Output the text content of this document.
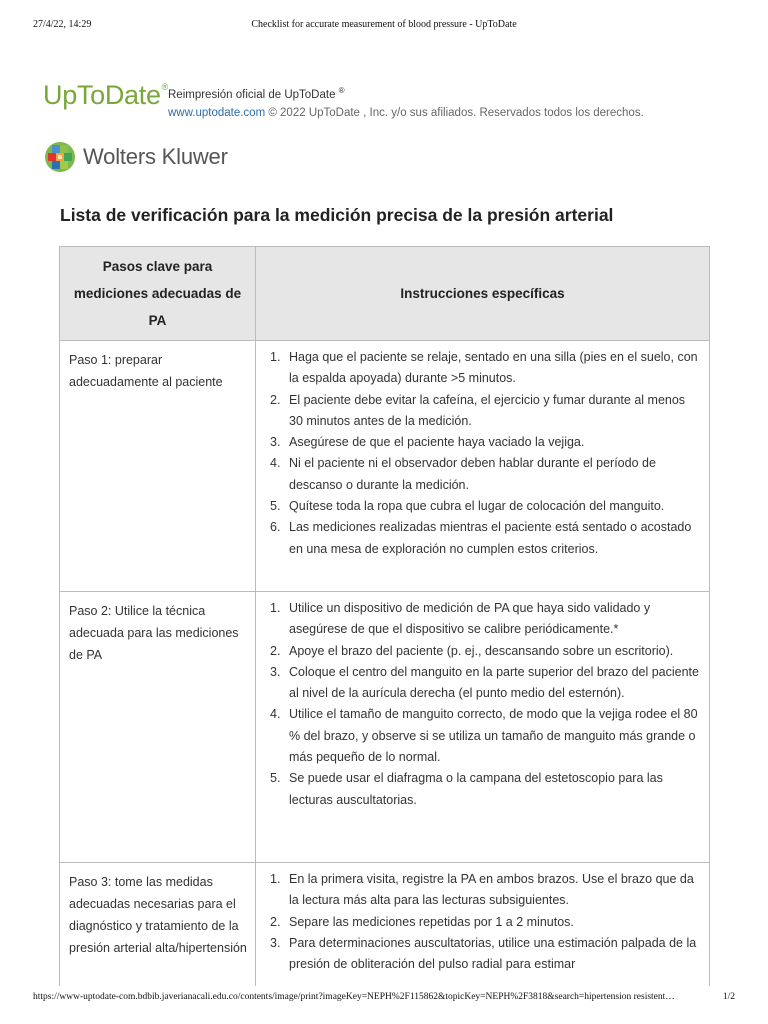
27/4/22, 14:29	Checklist for accurate measurement of blood pressure - UpToDate
UpToDate®
Reimpresión oficial de UpToDate ®
www.uptodate.com © 2022 UpToDate , Inc. y/o sus afiliados. Reservados todos los derechos.
Wolters Kluwer
Lista de verificación para la medición precisa de la presión arterial
Pasos clave para mediciones adecuadas de PA
Instrucciones específicas
Paso 1: preparar adecuadamente al paciente
1. Haga que el paciente se relaje, sentado en una silla (pies en el suelo, con la espalda apoyada) durante >5 minutos.
2. El paciente debe evitar la cafeína, el ejercicio y fumar durante al menos 30 minutos antes de la medición.
3. Asegúrese de que el paciente haya vaciado la vejiga.
4. Ni el paciente ni el observador deben hablar durante el período de descanso o durante la medición.
5. Quítese toda la ropa que cubra el lugar de colocación del manguito.
6. Las mediciones realizadas mientras el paciente está sentado o acostado en una mesa de exploración no cumplen estos criterios.
Paso 2: Utilice la técnica adecuada para las mediciones de PA
1. Utilice un dispositivo de medición de PA que haya sido validado y asegúrese de que el dispositivo se calibre periódicamente.*
2. Apoye el brazo del paciente (p. ej., descansando sobre un escritorio).
3. Coloque el centro del manguito en la parte superior del brazo del paciente al nivel de la aurícula derecha (el punto medio del esternón).
4. Utilice el tamaño de manguito correcto, de modo que la vejiga rodee el 80 % del brazo, y observe si se utiliza un tamaño de manguito más grande o más pequeño de lo normal.
5. Se puede usar el diafragma o la campana del estetoscopio para las lecturas auscultatorias.
Paso 3: tome las medidas adecuadas necesarias para el diagnóstico y tratamiento de la presión arterial alta/hipertensión
1. En la primera visita, registre la PA en ambos brazos. Use el brazo que da la lectura más alta para las lecturas subsiguientes.
2. Separe las mediciones repetidas por 1 a 2 minutos.
3. Para determinaciones auscultatorias, utilice una estimación palpada de la presión de obliteración del pulso radial para estimar
https://www-uptodate-com.bdbib.javerianacali.edu.co/contents/image/print?imageKey=NEPH%2F115862&topicKey=NEPH%2F3818&search=hipertension resistent…	1/2
